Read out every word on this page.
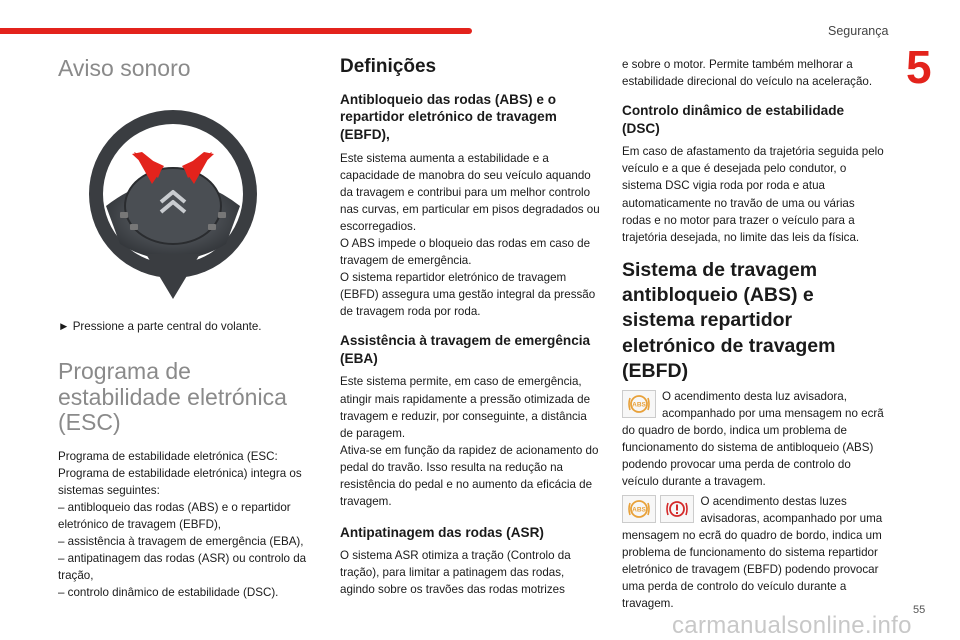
Segurança
5
Aviso sonoro

► Pressione a parte central do volante.

Programa de estabilidade eletrónica (ESC)

Programa de estabilidade eletrónica (ESC: Programa de estabilidade eletrónica) integra os sistemas seguintes:
– antibloqueio das rodas (ABS) e o repartidor eletrónico de travagem (EBFD),
– assistência à travagem de emergência (EBA),
– antipatinagem das rodas (ASR) ou controlo da tração,
– controlo dinâmico de estabilidade (DSC).

Definições
Antibloqueio das rodas (ABS) e o repartidor eletrónico de travagem (EBFD),

Este sistema aumenta a estabilidade e a capacidade de manobra do seu veículo aquando da travagem e contribui para um melhor controlo nas curvas, em particular em pisos degradados ou escorregadios.
O ABS impede o bloqueio das rodas em caso de travagem de emergência.
O sistema repartidor eletrónico de travagem (EBFD) assegura uma gestão integral da pressão de travagem roda por roda.

Assistência à travagem de emergência (EBA)

Este sistema permite, em caso de emergência, atingir mais rapidamente a pressão otimizada de travagem e reduzir, por conseguinte, a distância de paragem.
Ativa-se em função da rapidez de acionamento do pedal do travão. Isso resulta na redução na resistência do pedal e no aumento da eficácia de travagem.

Antipatinagem das rodas (ASR)

O sistema ASR otimiza a tração (Controlo da tração), para limitar a patinagem das rodas, agindo sobre os travões das rodas motrizes

e sobre o motor. Permite também melhorar a estabilidade direcional do veículo na aceleração.

Controlo dinâmico de estabilidade (DSC)

Em caso de afastamento da trajetória seguida pelo veículo e a que é desejada pelo condutor, o sistema DSC vigia roda por roda e atua automaticamente no travão de uma ou várias rodas e no motor para trazer o veículo para a trajetória desejada, no limite das leis da física.

Sistema de travagem antibloqueio (ABS) e sistema repartidor eletrónico de travagem (EBFD)
ABS

O acendimento desta luz avisadora, acompanhado por uma mensagem no ecrã do quadro de bordo, indica um problema de funcionamento do sistema de antibloqueio (ABS) podendo provocar uma perda de controlo do veículo durante a travagem.

ABS

O acendimento destas luzes avisadoras, acompanhado por uma mensagem no ecrã do quadro de bordo, indica um problema de funcionamento do sistema repartidor eletrónico de travagem (EBFD) podendo provocar uma perda de controlo do veículo durante a travagem.

55
carmanualsonline.info
